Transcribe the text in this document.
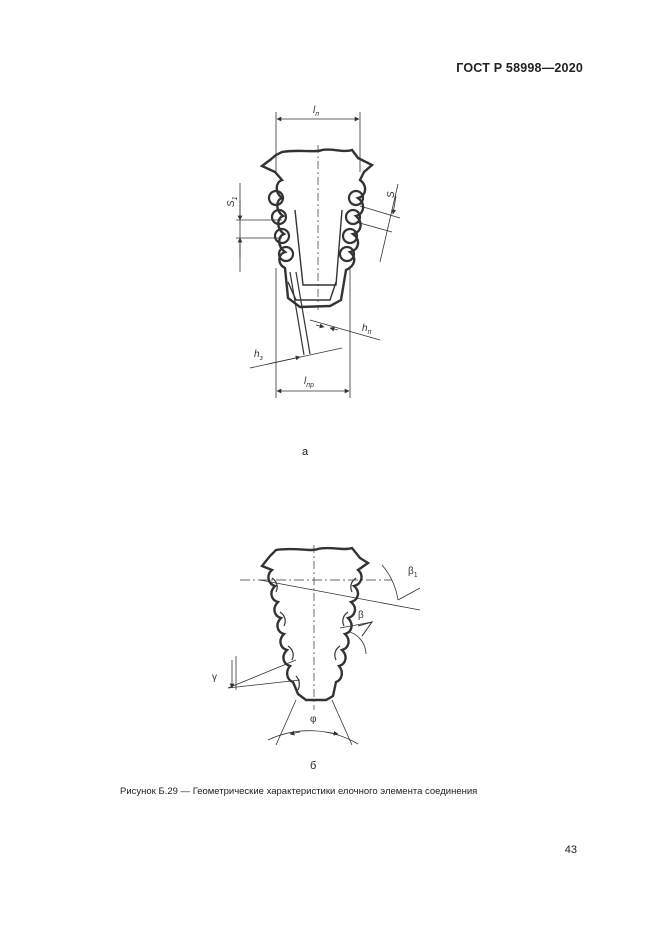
ГОСТ Р 58998—2020
$l_п$
$S_1$
S
$h_п$
$h_з$
$l_{пр}$
$\beta_1$
β
γ
φ
а
б
Рисунок Б.29 — Геометрические характеристики елочного элемента соединения
43
